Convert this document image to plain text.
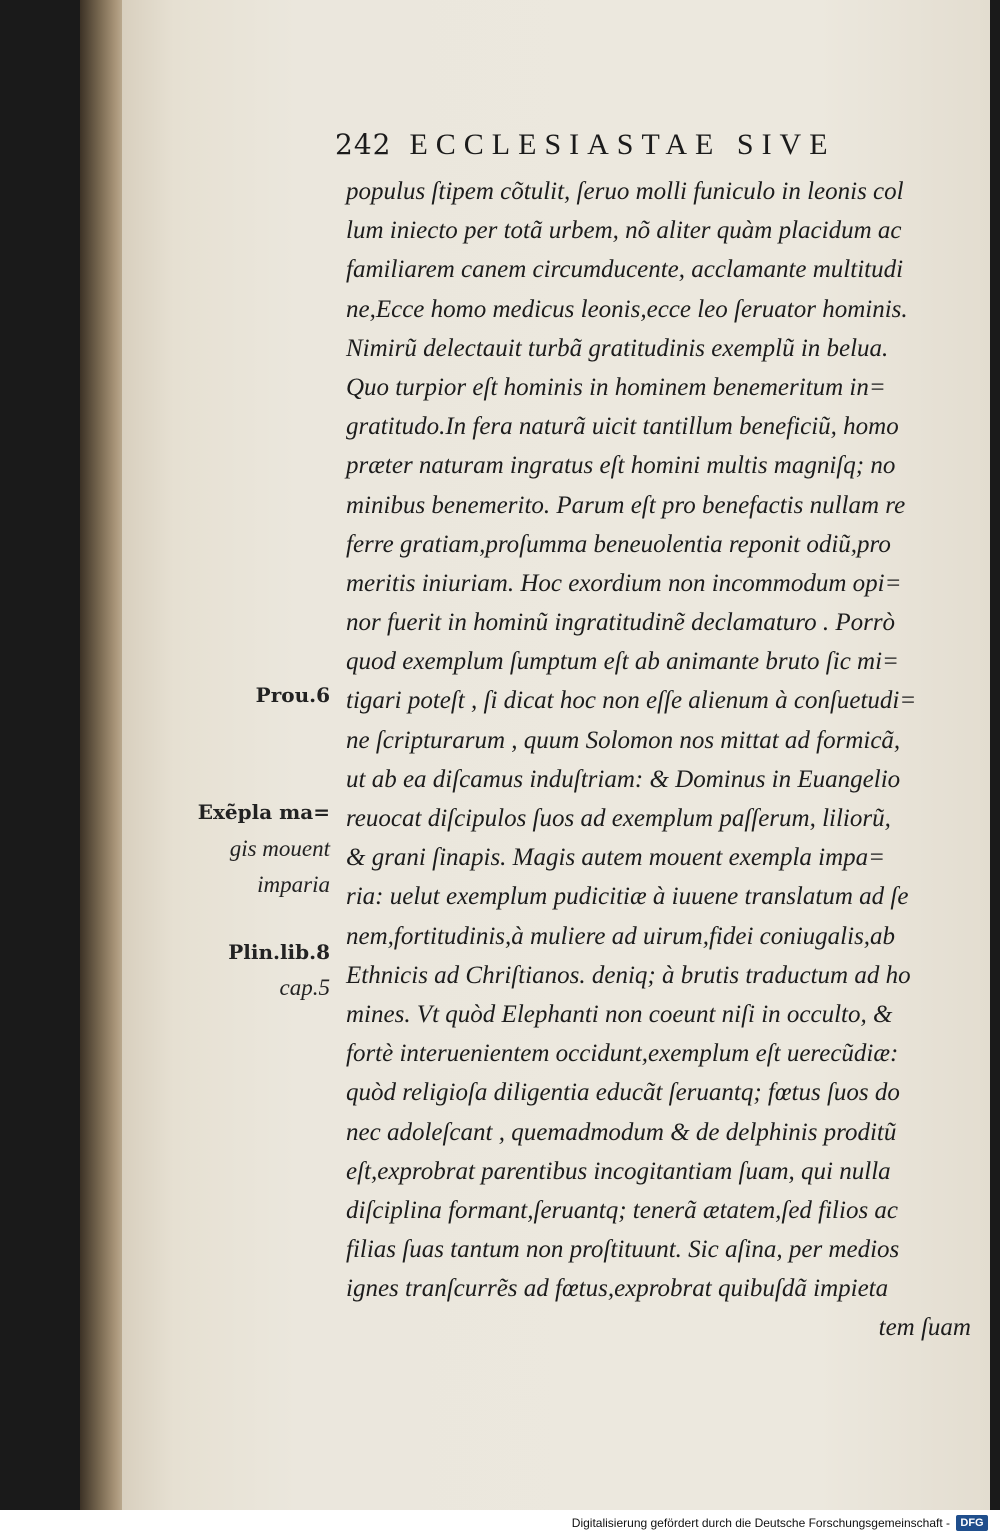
242 ECCLESIASTAE SIVE
Prou.6
Exẽpla ma=
gis mouent
imparia
Plin.lib.8
cap.5
populus ſtipem cõtulit, ſeruo molli funiculo in leonis col
lum iniecto per totã urbem, nõ aliter quàm placidum ac
familiarem canem circumducente, acclamante multitudi
ne,Ecce homo medicus leonis,ecce leo ſeruator hominis.
Nimirũ delectauit turbã gratitudinis exemplũ in belua.
Quo turpior eſt hominis in hominem benemeritum in=
gratitudo.In fera naturã uicit tantillum beneficiũ, homo
præter naturam ingratus eſt homini multis magniſq; no
minibus benemerito. Parum eſt pro benefactis nullam re
ferre gratiam,proſumma beneuolentia reponit odiũ,pro
meritis iniuriam. Hoc exordium non incommodum opi=
nor fuerit in hominũ ingratitudinẽ declamaturo . Porrò
quod exemplum ſumptum eſt ab animante bruto ſic mi=
tigari poteſt , ſi dicat hoc non eſſe alienum à conſuetudi=
ne ſcripturarum , quum Solomon nos mittat ad formicã,
ut ab ea diſcamus induſtriam: & Dominus in Euangelio
reuocat diſcipulos ſuos ad exemplum paſſerum, liliorũ,
& grani ſinapis. Magis autem mouent exempla impa=
ria: uelut exemplum pudicitiæ à iuuene translatum ad ſe
nem,fortitudinis,à muliere ad uirum,fidei coniugalis,ab
Ethnicis ad Chriſtianos. deniq; à brutis traductum ad ho
mines. Vt quòd Elephanti non coeunt niſi in occulto, &
fortè interuenientem occidunt,exemplum eſt uerecũdiæ:
quòd religioſa diligentia educãt ſeruantq; fœtus ſuos do
nec adoleſcant , quemadmodum & de delphinis proditũ
eſt,exprobrat parentibus incogitantiam ſuam, qui nulla
diſciplina formant,ſeruantq; tenerã ætatem,ſed filios ac
filias ſuas tantum non proſtituunt. Sic aſina, per medios
ignes tranſcurrẽs ad fœtus,exprobrat quibuſdã impieta
tem ſuam
Digitalisierung gefördert durch die Deutsche Forschungsgemeinschaft - DFG
